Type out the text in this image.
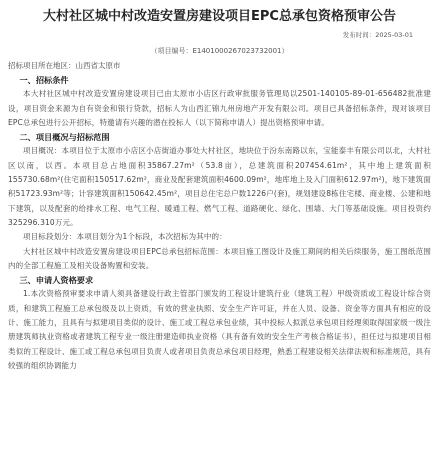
大村社区城中村改造安置房建设项目EPC总承包资格预审公告
发布时间：2025-03-01
（项目编号：E1401000267023732001）
招标项目所在地区：山西省太原市

一、招标条件

本大村社区城中村改造安置房建设项目已由太原市小店区行政审批服务管理局以2501-140105-89-01-656482批准建设，项目资金来源为自有资金和银行贷款，招标人为山西汇锦九州房地产开发有限公司。项目已具备招标条件，现对该项目EPC总承包进行公开招标，特邀请有兴趣的潜在投标人（以下简称申请人）提出资格预审申请。

二、项目概况与招标范围

项目概况：本项目位于太原市小店区小店街道办事处大村社区，地块位于汾东南路以东，宝能泰丰有限公司以北，大村社区以南，以西。本项目总占地面积35867.27m²（53.8亩），总建筑面积207454.61m²，其中地上建筑面积155730.68m²(住宅面积150517.62m²，商业及配套建筑面积4600.09m²，地库地上及入门面积612.97m²)，地下建筑面积51723.93m²等；计容建筑面积150642.45m²，项目总住宅总户数1226户(套)，规划建设8栋住宅楼、商业楼、公建和地下建筑，以及配套的给排水工程、电气工程、暖通工程、燃气工程、道路硬化、绿化、围墙、大门等基础设施。项目投资约325296.310万元。

项目标段划分：本项目划分为1个标段，本次招标为其中的：

大村社区城中村改造安置房建设项目EPC总承包招标范围：本项目施工图设计及施工期间的相关后续服务，施工图纸范围内的全部工程施工及相关设备购置和安装。

三、申请人资格要求

1.本次资格预审要求申请人须具备建设行政主管部门颁发的工程设计建筑行业（建筑工程）甲级资质或工程设计综合资质，和建筑工程施工总承包级及以上资质，有效的营业执照、安全生产许可证，并在人员、设备、资金等方面具有相应的设计、施工能力，且具有与拟建项目类似的设计、施工或工程总承包业绩，其中投标人拟派总承包项目经理须取得国家级一级注册建筑师执业资格或者建筑工程专业一级注册建造师执业资格（具有备有效的安全生产考核合格证书），担任过与拟建项目相类似的工程设计、施工或工程总承包项目负责人或者项目负责总承包项目经理，熟悉工程建设相关法律法规和标准规范，具有较强的组织协调能力
